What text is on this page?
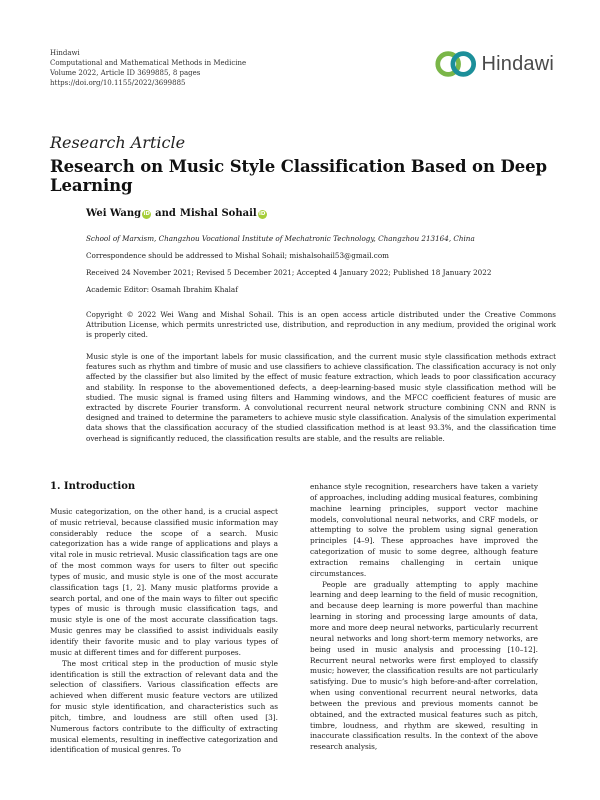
Hindawi
Computational and Mathematical Methods in Medicine
Volume 2022, Article ID 3699885, 8 pages
https://doi.org/10.1155/2022/3699885
Hindawi
Research Article
Research on Music Style Classification Based on Deep Learning
Wei Wang iD and Mishal Sohail iD
School of Marxism, Changzhou Vocational Institute of Mechatronic Technology, Changzhou 213164, China
Correspondence should be addressed to Mishal Sohail; mishalsohail53@gmail.com
Received 24 November 2021; Revised 5 December 2021; Accepted 4 January 2022; Published 18 January 2022
Academic Editor: Osamah Ibrahim Khalaf
Copyright © 2022 Wei Wang and Mishal Sohail. This is an open access article distributed under the Creative Commons Attribution License, which permits unrestricted use, distribution, and reproduction in any medium, provided the original work is properly cited.
Music style is one of the important labels for music classification, and the current music style classification methods extract features such as rhythm and timbre of music and use classifiers to achieve classification. The classification accuracy is not only affected by the classifier but also limited by the effect of music feature extraction, which leads to poor classification accuracy and stability. In response to the abovementioned defects, a deep-learning-based music style classification method will be studied. The music signal is framed using filters and Hamming windows, and the MFCC coefficient features of music are extracted by discrete Fourier transform. A convolutional recurrent neural network structure combining CNN and RNN is designed and trained to determine the parameters to achieve music style classification. Analysis of the simulation experimental data shows that the classification accuracy of the studied classification method is at least 93.3%, and the classification time overhead is significantly reduced, the classification results are stable, and the results are reliable.
1. Introduction

Music categorization, on the other hand, is a crucial aspect of music retrieval, because classified music information may considerably reduce the scope of a search. Music categorization has a wide range of applications and plays a vital role in music retrieval. Music classification tags are one of the most common ways for users to filter out specific types of music, and music style is one of the most accurate classification tags [1, 2]. Many music platforms provide a search portal, and one of the main ways to filter out specific types of music is through music classification tags, and music style is one of the most accurate classification tags. Music genres may be classified to assist individuals easily identify their favorite music and to play various types of music at different times and for different purposes.

The most critical step in the production of music style identification is still the extraction of relevant data and the selection of classifiers. Various classification effects are achieved when different music feature vectors are utilized for music style identification, and characteristics such as pitch, timbre, and loudness are still often used [3]. Numerous factors contribute to the difficulty of extracting musical elements, resulting in ineffective categorization and identification of musical genres. To

enhance style recognition, researchers have taken a variety of approaches, including adding musical features, combining machine learning principles, support vector machine models, convolutional neural networks, and CRF models, or attempting to solve the problem using signal generation principles [4–9]. These approaches have improved the categorization of music to some degree, although feature extraction remains challenging in certain unique circumstances.

People are gradually attempting to apply machine learning and deep learning to the field of music recognition, and because deep learning is more powerful than machine learning in storing and processing large amounts of data, more and more deep neural networks, particularly recurrent neural networks and long short-term memory networks, are being used in music analysis and processing [10–12]. Recurrent neural networks were first employed to classify music; however, the classification results are not particularly satisfying. Due to music’s high before-and-after correlation, when using conventional recurrent neural networks, data between the previous and previous moments cannot be obtained, and the extracted musical features such as pitch, timbre, loudness, and rhythm are skewed, resulting in inaccurate classification results. In the context of the above research analysis,
